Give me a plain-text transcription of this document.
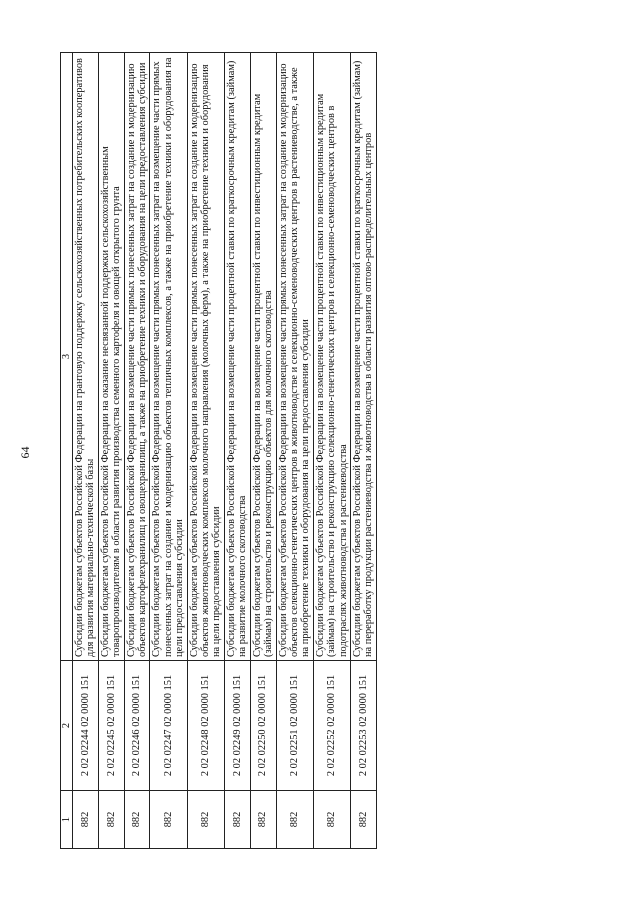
64
1	2	3
882	2 02 02244 02 0000 151	Субсидии бюджетам субъектов Российской Федерации на грантовую поддержку сельскохозяйственных потребительских кооперативов для развития материально-технической базы
882	2 02 02245 02 0000 151	Субсидии бюджетам субъектов Российской Федерации на оказание несвязанной поддержки сельскохозяйственным товаропроизводителям в области развития производства семенного картофеля и овощей открытого грунта
882	2 02 02246 02 0000 151	Субсидии бюджетам субъектов Российской Федерации на возмещение части прямых понесенных затрат на создание и модернизацию объектов картофелехранилищ и овощехранилищ, а также на приобретение техники и оборудования на цели предоставления субсидии
882	2 02 02247 02 0000 151	Субсидии бюджетам субъектов Российской Федерации на возмещение части прямых понесенных затрат на возмещение части прямых понесенных затрат на создание и модернизацию объектов тепличных комплексов, а также на приобретение техники и оборудования на цели предоставления субсидии
882	2 02 02248 02 0000 151	Субсидии бюджетам субъектов Российской Федерации на возмещение части прямых понесенных затрат на создание и модернизацию объектов животноводческих комплексов молочного направления (молочных ферм), а также на приобретение техники и оборудования на цели предоставления субсидии
882	2 02 02249 02 0000 151	Субсидии бюджетам субъектов Российской Федерации на возмещение части процентной ставки по краткосрочным кредитам (займам) на развитие молочного скотоводства
882	2 02 02250 02 0000 151	Субсидии бюджетам субъектов Российской Федерации на возмещение части процентной ставки по инвестиционным кредитам (займам) на строительство и реконструкцию объектов для молочного скотоводства
882	2 02 02251 02 0000 151	Субсидии бюджетам субъектов Российской Федерации на возмещение части прямых понесенных затрат на создание и модернизацию объектов селекционно-генетических центров в животноводстве и селекционно-семеноводческих центров в растениеводстве, а также на приобретение техники и оборудования на цели предоставления субсидии
882	2 02 02252 02 0000 151	Субсидии бюджетам субъектов Российской Федерации на возмещение части процентной ставки по инвестиционным кредитам (займам) на строительство и реконструкцию селекционно-генетических центров и селекционно-семеноводческих центров в подотраслях животноводства и растениеводства
882	2 02 02253 02 0000 151	Субсидии бюджетам субъектов Российской Федерации на возмещение части процентной ставки по краткосрочным кредитам (займам) на переработку продукции растениеводства и животноводства в области развития оптово-распределительных центров
